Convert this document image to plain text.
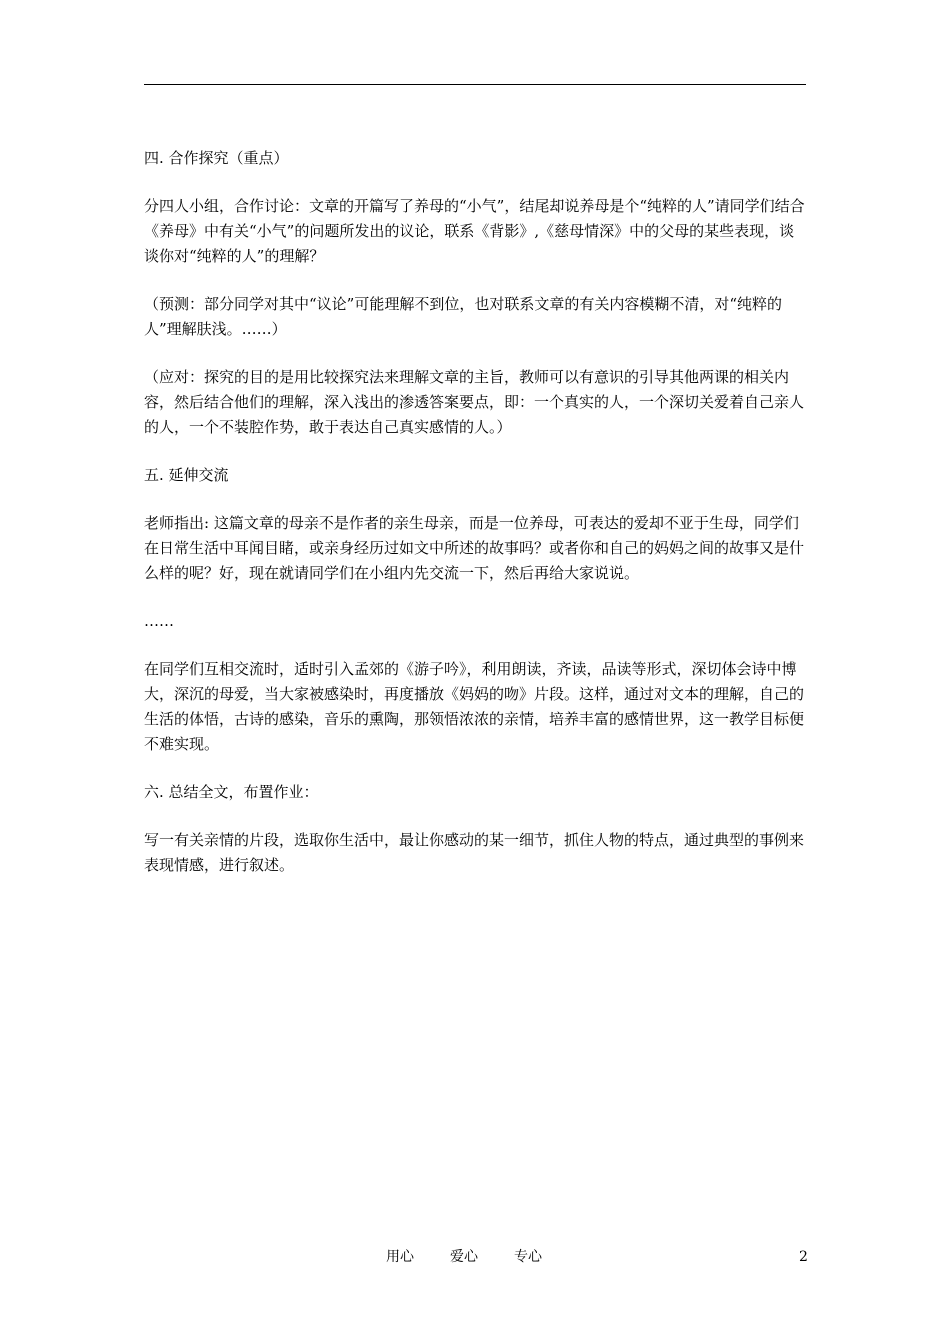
四. 合作探究（重点）

分四人小组，合作讨论：文章的开篇写了养母的“小气”，结尾却说养母是个“纯粹的人”请同学们结合《养母》中有关“小气”的问题所发出的议论，联系《背影》,《慈母情深》中的父母的某些表现，谈谈你对“纯粹的人”的理解？

（预测：部分同学对其中“议论”可能理解不到位，也对联系文章的有关内容模糊不清，对“纯粹的人”理解肤浅。……）

（应对：探究的目的是用比较探究法来理解文章的主旨，教师可以有意识的引导其他两课的相关内容，然后结合他们的理解，深入浅出的渗透答案要点，即：一个真实的人，一个深切关爱着自己亲人的人，一个不装腔作势，敢于表达自己真实感情的人。）

五. 延伸交流

老师指出: 这篇文章的母亲不是作者的亲生母亲，而是一位养母，可表达的爱却不亚于生母，同学们在日常生活中耳闻目睹，或亲身经历过如文中所述的故事吗？或者你和自己的妈妈之间的故事又是什么样的呢？好，现在就请同学们在小组内先交流一下，然后再给大家说说。

……

在同学们互相交流时，适时引入孟郊的《游子吟》，利用朗读，齐读，品读等形式，深切体会诗中博大，深沉的母爱，当大家被感染时，再度播放《妈妈的吻》片段。这样，通过对文本的理解，自己的生活的体悟，古诗的感染，音乐的熏陶，那领悟浓浓的亲情，培养丰富的感情世界，这一教学目标便不难实现。

六. 总结全文，布置作业：

写一有关亲情的片段，选取你生活中，最让你感动的某一细节，抓住人物的特点，通过典型的事例来表现情感，进行叙述。

用心	爱心	专心	2
